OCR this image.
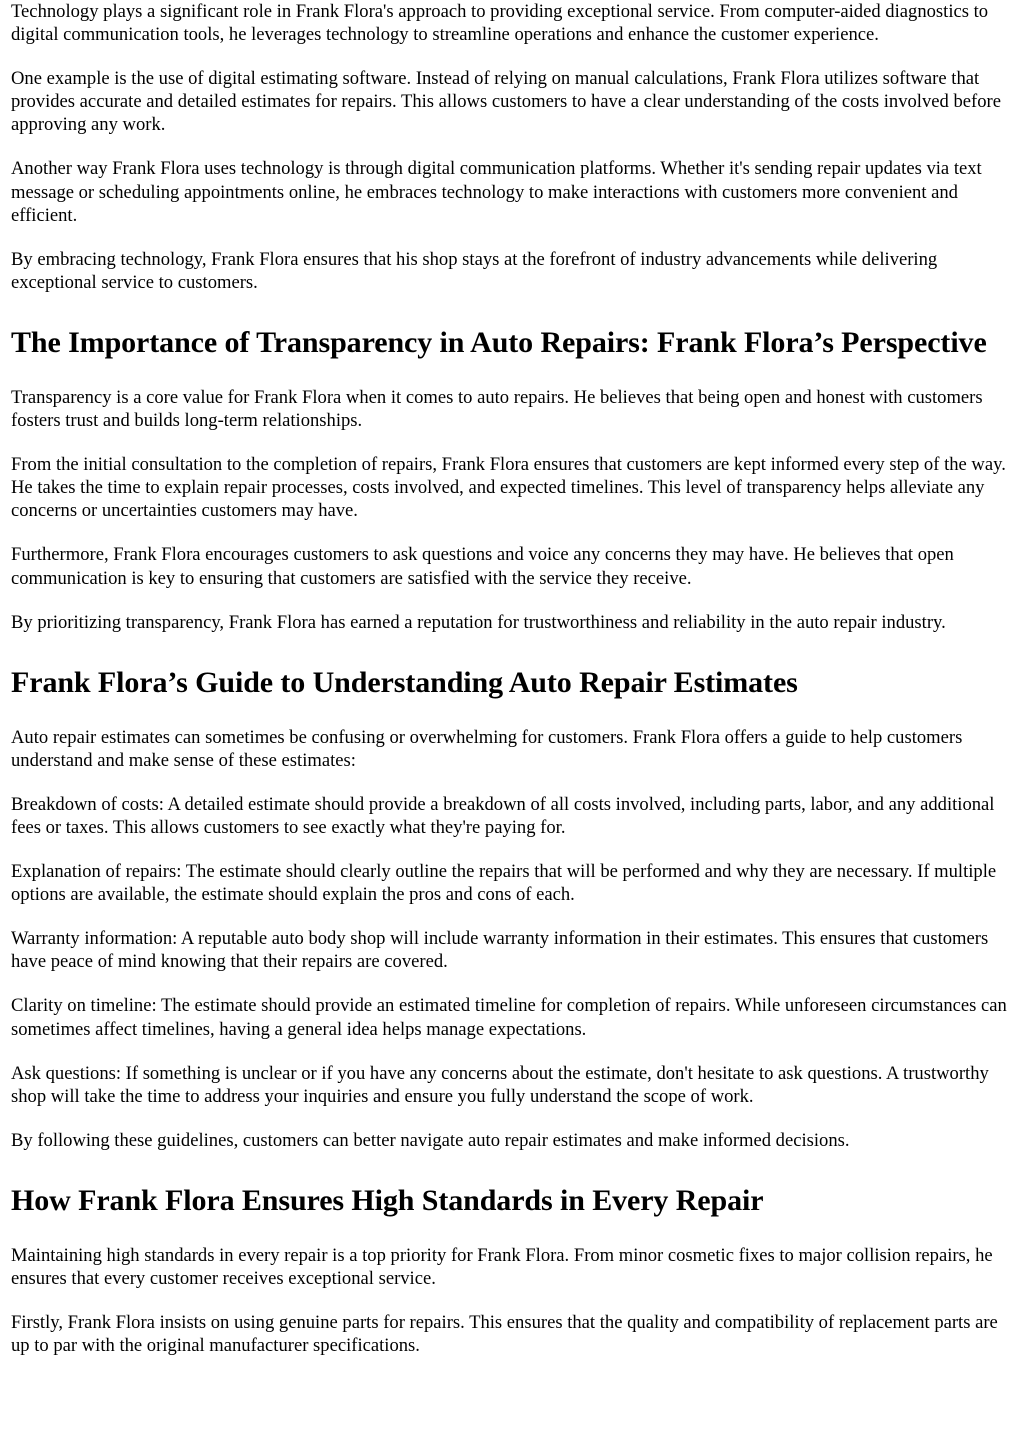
Technology plays a significant role in Frank Flora's approach to providing exceptional service. From computer-aided diagnostics to digital communication tools, he leverages technology to streamline operations and enhance the customer experience.

One example is the use of digital estimating software. Instead of relying on manual calculations, Frank Flora utilizes software that provides accurate and detailed estimates for repairs. This allows customers to have a clear understanding of the costs involved before approving any work.

Another way Frank Flora uses technology is through digital communication platforms. Whether it's sending repair updates via text message or scheduling appointments online, he embraces technology to make interactions with customers more convenient and efficient.

By embracing technology, Frank Flora ensures that his shop stays at the forefront of industry advancements while delivering exceptional service to customers.

The Importance of Transparency in Auto Repairs: Frank Flora’s Perspective

Transparency is a core value for Frank Flora when it comes to auto repairs. He believes that being open and honest with customers fosters trust and builds long-term relationships.

From the initial consultation to the completion of repairs, Frank Flora ensures that customers are kept informed every step of the way. He takes the time to explain repair processes, costs involved, and expected timelines. This level of transparency helps alleviate any concerns or uncertainties customers may have.

Furthermore, Frank Flora encourages customers to ask questions and voice any concerns they may have. He believes that open communication is key to ensuring that customers are satisfied with the service they receive.

By prioritizing transparency, Frank Flora has earned a reputation for trustworthiness and reliability in the auto repair industry.

Frank Flora’s Guide to Understanding Auto Repair Estimates

Auto repair estimates can sometimes be confusing or overwhelming for customers. Frank Flora offers a guide to help customers understand and make sense of these estimates:

Breakdown of costs: A detailed estimate should provide a breakdown of all costs involved, including parts, labor, and any additional fees or taxes. This allows customers to see exactly what they're paying for.

Explanation of repairs: The estimate should clearly outline the repairs that will be performed and why they are necessary. If multiple options are available, the estimate should explain the pros and cons of each.

Warranty information: A reputable auto body shop will include warranty information in their estimates. This ensures that customers have peace of mind knowing that their repairs are covered.

Clarity on timeline: The estimate should provide an estimated timeline for completion of repairs. While unforeseen circumstances can sometimes affect timelines, having a general idea helps manage expectations.

Ask questions: If something is unclear or if you have any concerns about the estimate, don't hesitate to ask questions. A trustworthy shop will take the time to address your inquiries and ensure you fully understand the scope of work.

By following these guidelines, customers can better navigate auto repair estimates and make informed decisions.

How Frank Flora Ensures High Standards in Every Repair

Maintaining high standards in every repair is a top priority for Frank Flora. From minor cosmetic fixes to major collision repairs, he ensures that every customer receives exceptional service.

Firstly, Frank Flora insists on using genuine parts for repairs. This ensures that the quality and compatibility of replacement parts are up to par with the original manufacturer specifications.
